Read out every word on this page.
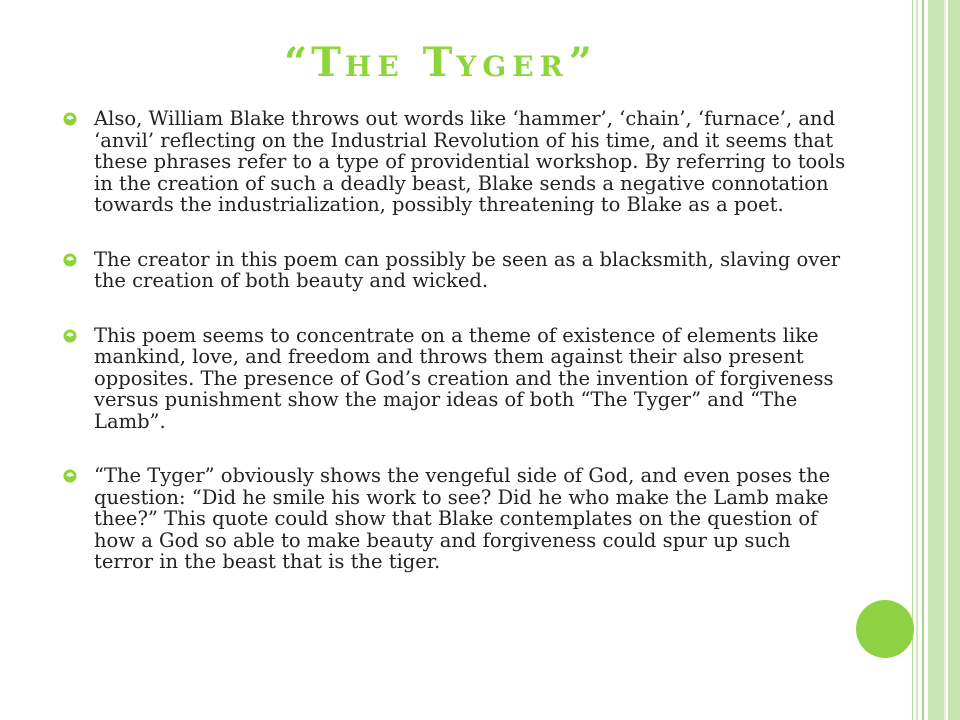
“THE TYGER”
Also, William Blake throws out words like ‘hammer’, ‘chain’, ‘furnace’, and ‘anvil’ reflecting on the Industrial Revolution of his time, and it seems that these phrases refer to a type of providential workshop. By referring to tools in the creation of such a deadly beast, Blake sends a negative connotation towards the industrialization, possibly threatening to Blake as a poet.
The creator in this poem can possibly be seen as a blacksmith, slaving over the creation of both beauty and wicked.
This poem seems to concentrate on a theme of existence of elements like mankind, love, and freedom and throws them against their also present opposites. The presence of God’s creation and the invention of forgiveness versus punishment show the major ideas of both “The Tyger” and “The Lamb”.
“The Tyger” obviously shows the vengeful side of God, and even poses the question: “Did he smile his work to see? Did he who make the Lamb make thee?” This quote could show that Blake contemplates on the question of how a God so able to make beauty and forgiveness could spur up such terror in the beast that is the tiger.
